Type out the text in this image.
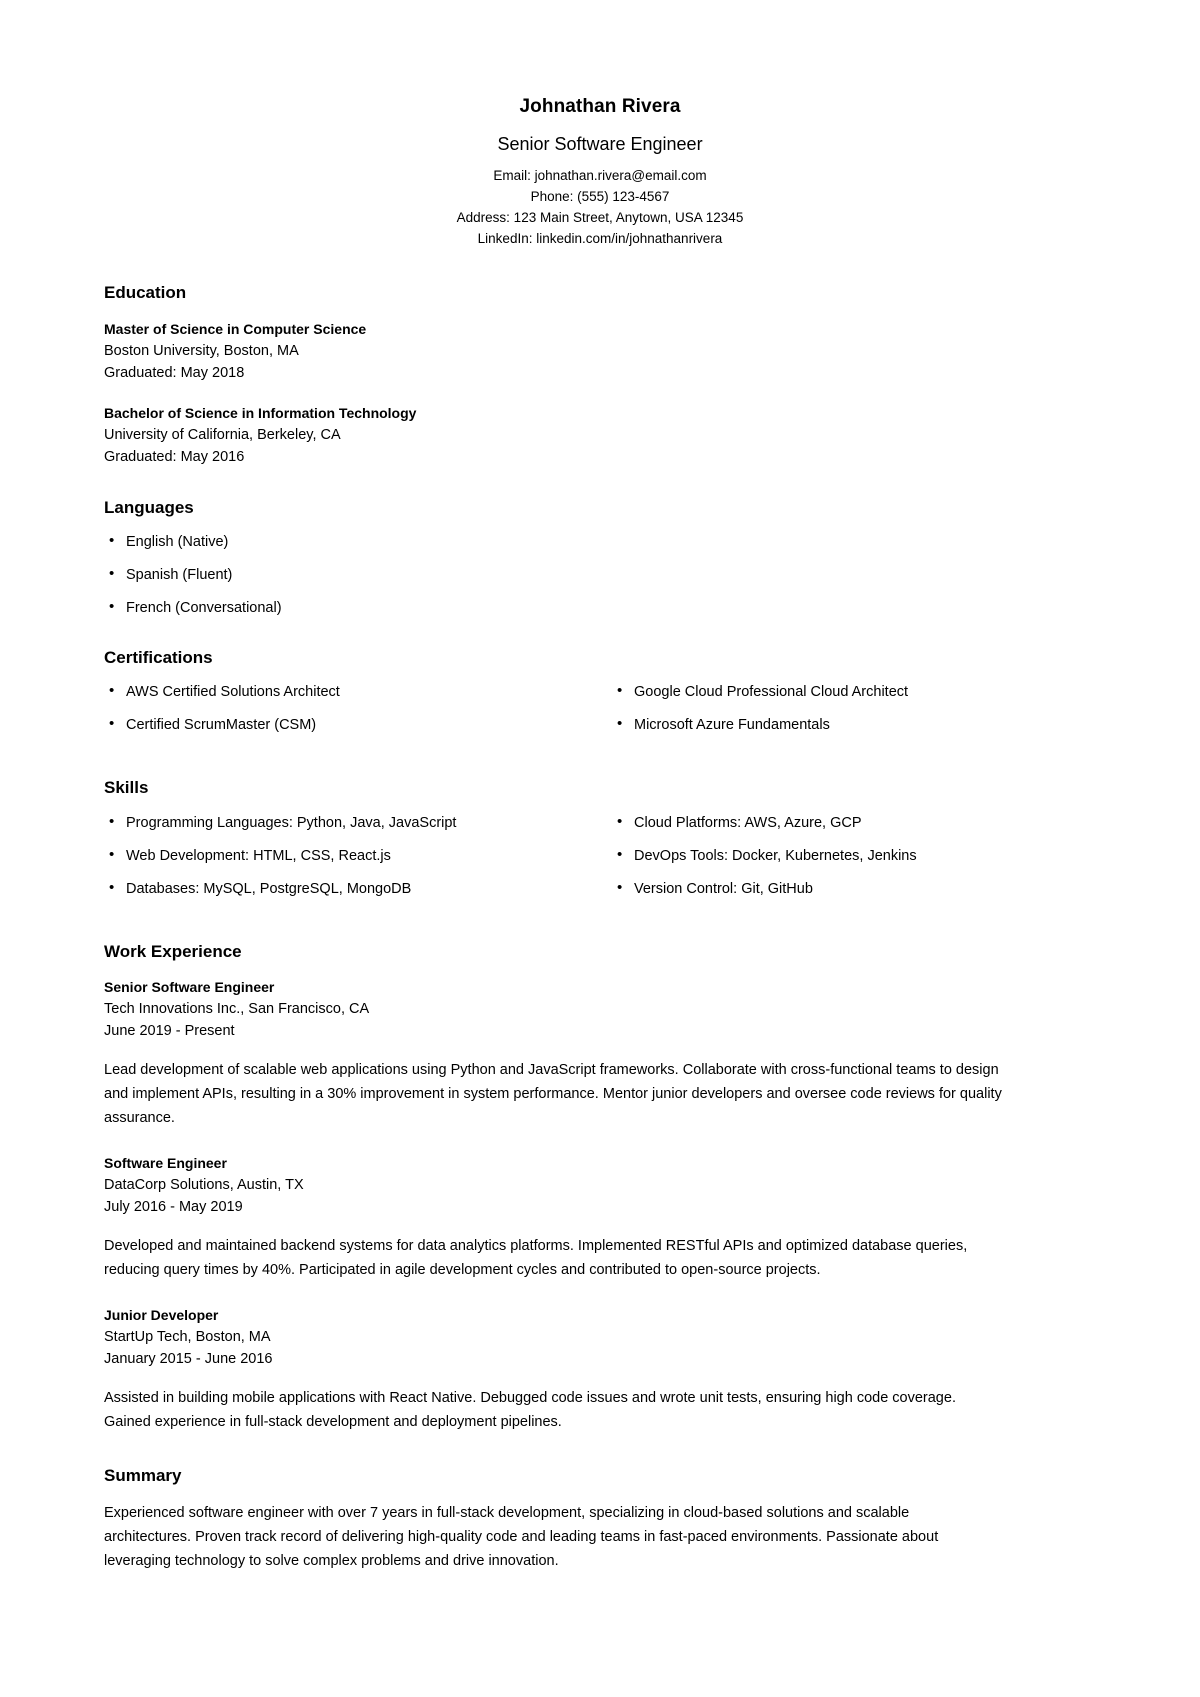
Johnathan Rivera
Senior Software Engineer
Email: johnathan.rivera@email.com
Phone: (555) 123-4567
Address: 123 Main Street, Anytown, USA 12345
LinkedIn: linkedin.com/in/johnathanrivera
Education
Master of Science in Computer Science
Boston University, Boston, MA
Graduated: May 2018
Bachelor of Science in Information Technology
University of California, Berkeley, CA
Graduated: May 2016
Languages
• English (Native)
• Spanish (Fluent)
• French (Conversational)
Certifications
• AWS Certified Solutions Architect
• Certified ScrumMaster (CSM)
• Google Cloud Professional Cloud Architect
• Microsoft Azure Fundamentals
Skills
• Programming Languages: Python, Java, JavaScript
• Web Development: HTML, CSS, React.js
• Databases: MySQL, PostgreSQL, MongoDB
• Cloud Platforms: AWS, Azure, GCP
• DevOps Tools: Docker, Kubernetes, Jenkins
• Version Control: Git, GitHub
Work Experience
Senior Software Engineer
Tech Innovations Inc., San Francisco, CA
June 2019 - Present

Lead development of scalable web applications using Python and JavaScript frameworks. Collaborate with cross-functional teams to design and implement APIs, resulting in a 30% improvement in system performance. Mentor junior developers and oversee code reviews for quality assurance.

Software Engineer
DataCorp Solutions, Austin, TX
July 2016 - May 2019

Developed and maintained backend systems for data analytics platforms. Implemented RESTful APIs and optimized database queries, reducing query times by 40%. Participated in agile development cycles and contributed to open-source projects.

Junior Developer
StartUp Tech, Boston, MA
January 2015 - June 2016

Assisted in building mobile applications with React Native. Debugged code issues and wrote unit tests, ensuring high code coverage. Gained experience in full-stack development and deployment pipelines.

Summary

Experienced software engineer with over 7 years in full-stack development, specializing in cloud-based solutions and scalable architectures. Proven track record of delivering high-quality code and leading teams in fast-paced environments. Passionate about leveraging technology to solve complex problems and drive innovation.
